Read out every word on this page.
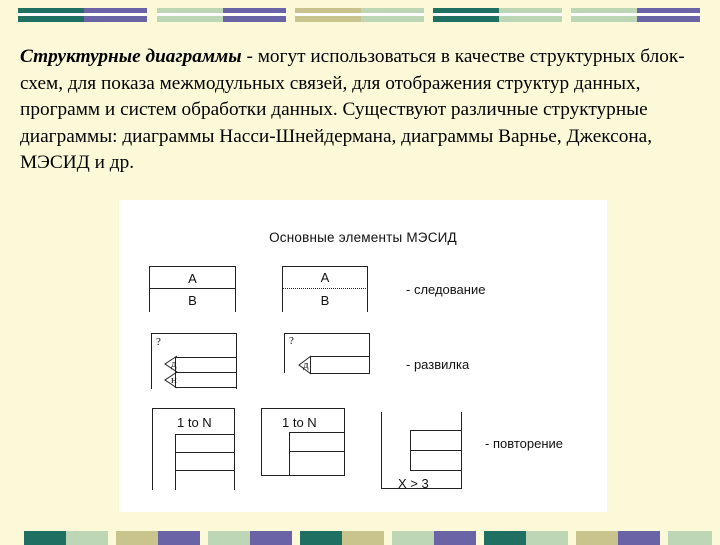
Структурные диаграммы - могут использоваться в качестве структурных блок-схем, для показа межмодульных связей, для отображения структур данных, программ и систем обработки данных. Существуют различные структурные диаграммы: диаграммы Насси-Шнейдермана, диаграммы Варнье, Джексона, МЭСИД и др.
Основные элементы МЭСИД
A
B
A
B
- следование
?
д
н
?
д	- развилка
1 to N	1 to N
X > 3
- повторение
